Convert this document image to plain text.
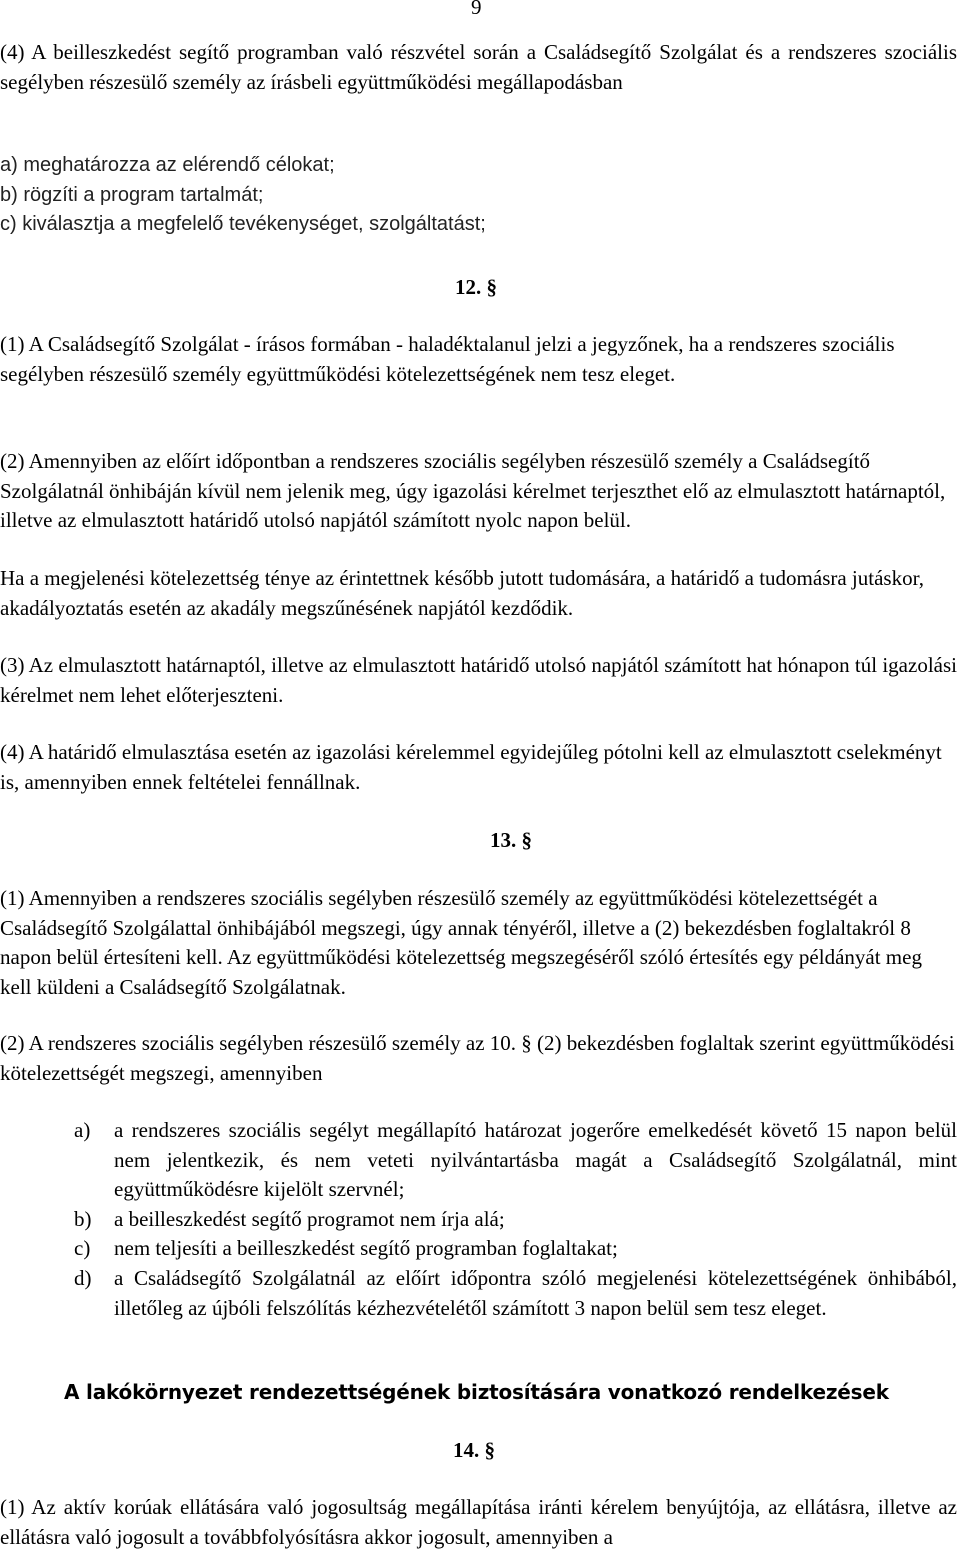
9

(4) A beilleszkedést segítő programban való részvétel során a Családsegítő Szolgálat és a rendszeres szociális segélyben részesülő személy az írásbeli együttműködési megállapodásban

a) meghatározza az elérendő célokat;
b) rögzíti a program tartalmát;
c) kiválasztja a megfelelő tevékenységet, szolgáltatást;
12. §

(1) A Családsegítő Szolgálat - írásos formában - haladéktalanul jelzi a jegyzőnek, ha a rendszeres szociális segélyben részesülő személy együttműködési kötelezettségének nem tesz eleget.

(2) Amennyiben az előírt időpontban a rendszeres szociális segélyben részesülő személy a Családsegítő Szolgálatnál önhibáján kívül nem jelenik meg, úgy igazolási kérelmet terjeszthet elő az elmulasztott határnaptól, illetve az elmulasztott határidő utolsó napjától számított nyolc napon belül.

Ha a megjelenési kötelezettség ténye az érintettnek később jutott tudomására, a határidő a tudomásra jutáskor, akadályoztatás esetén az akadály megszűnésének napjától kezdődik.

(3) Az elmulasztott határnaptól, illetve az elmulasztott határidő utolsó napjától számított hat hónapon túl igazolási kérelmet nem lehet előterjeszteni.

(4) A határidő elmulasztása esetén az igazolási kérelemmel egyidejűleg pótolni kell az elmulasztott cselekményt is, amennyiben ennek feltételei fennállnak.

13. §

(1) Amennyiben a rendszeres szociális segélyben részesülő személy az együttműködési kötelezettségét a Családsegítő Szolgálattal önhibájából megszegi, úgy annak tényéről, illetve a (2) bekezdésben foglaltakról 8 napon belül értesíteni kell. Az együttműködési kötelezettség megszegéséről szóló értesítés egy példányát meg kell küldeni a Családsegítő Szolgálatnak.

(2) A rendszeres szociális segélyben részesülő személy az 10. § (2) bekezdésben foglaltak szerint együttműködési kötelezettségét megszegi, amennyiben

a)	a rendszeres szociális segélyt megállapító határozat jogerőre emelkedését követő 15 napon belül nem jelentkezik, és nem veteti nyilvántartásba magát a Családsegítő Szolgálatnál, mint együttműködésre kijelölt szervnél;
b)	a beilleszkedést segítő programot nem írja alá;
c)	nem teljesíti a beilleszkedést segítő programban foglaltakat;
d)	a Családsegítő Szolgálatnál az előírt időpontra szóló megjelenési kötelezettségének önhibából, illetőleg az újbóli felszólítás kézhezvételétől számított 3 napon belül sem tesz eleget.
A lakókörnyezet rendezettségének biztosítására vonatkozó rendelkezések
14. §

(1) Az aktív korúak ellátására való jogosultság megállapítása iránti kérelem benyújtója, az ellátásra, illetve az ellátásra való jogosult a továbbfolyósításra akkor jogosult, amennyiben a
